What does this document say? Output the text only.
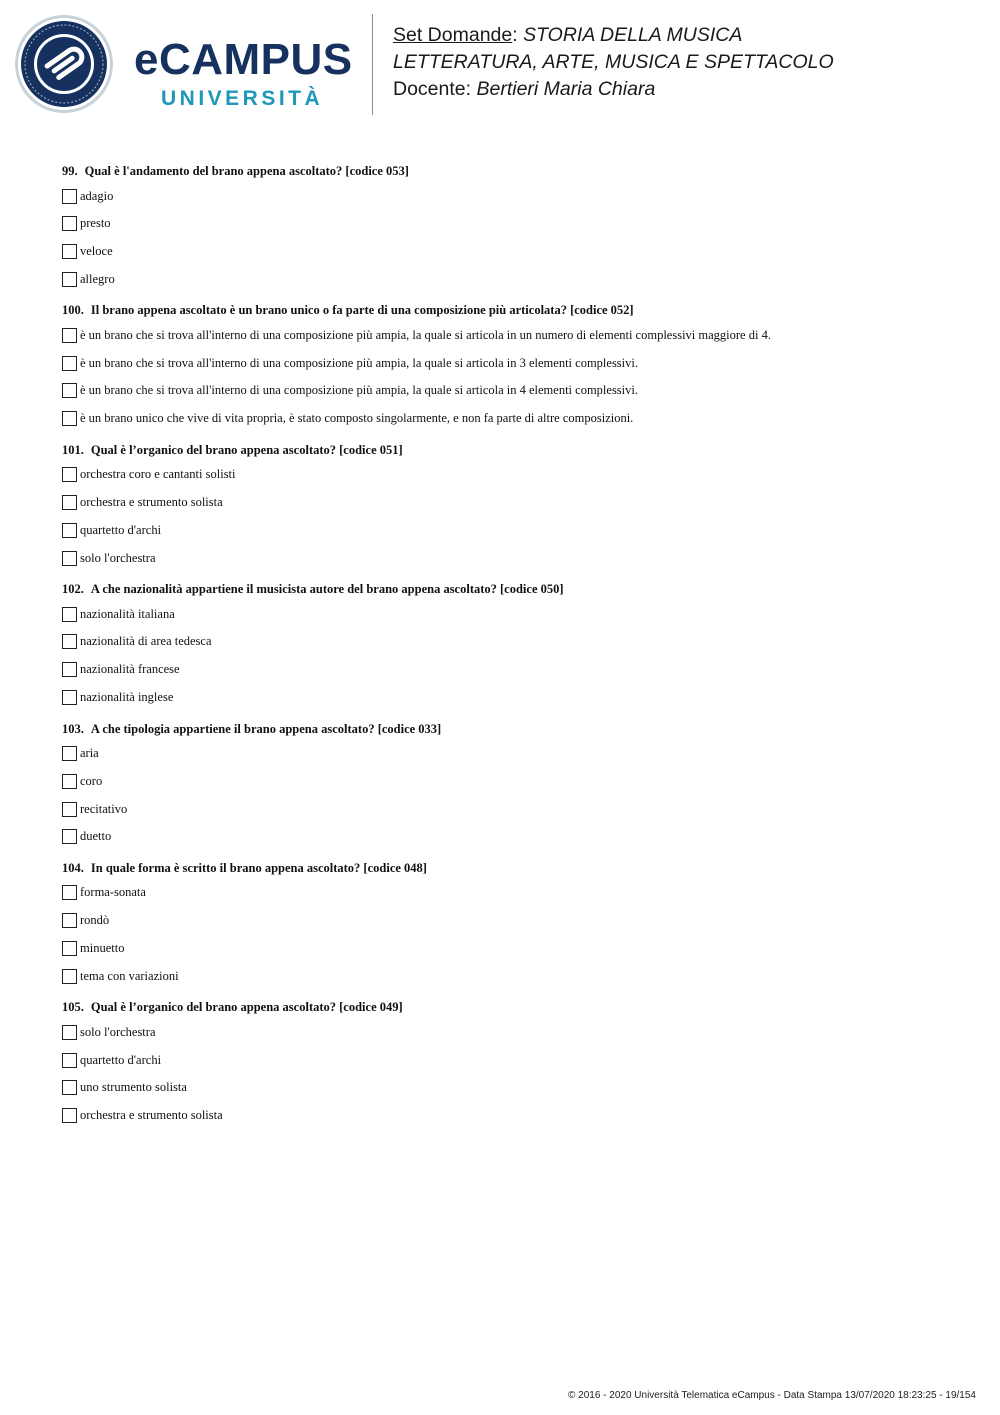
eCAMPUS
UNIVERSITÀ
Set Domande: STORIA DELLA MUSICA
LETTERATURA, ARTE, MUSICA E SPETTACOLO
Docente: Bertieri Maria Chiara
99. Qual è l'andamento del brano appena ascoltato? [codice 053]
adagio
presto
veloce
allegro
100. Il brano appena ascoltato è un brano unico o fa parte di una composizione più articolata? [codice 052]
è un brano che si trova all'interno di una composizione più ampia, la quale si articola in un numero di elementi complessivi maggiore di 4.
è un brano che si trova all'interno di una composizione più ampia, la quale si articola in 3 elementi complessivi.
è un brano che si trova all'interno di una composizione più ampia, la quale si articola in 4 elementi complessivi.
è un brano unico che vive di vita propria, è stato composto singolarmente, e non fa parte di altre composizioni.
101. Qual è l’organico del brano appena ascoltato? [codice 051]
orchestra coro e cantanti solisti
orchestra e strumento solista
quartetto d'archi
solo l'orchestra
102. A che nazionalità appartiene il musicista autore del brano appena ascoltato? [codice 050]
nazionalità italiana
nazionalità di area tedesca
nazionalità francese
nazionalità inglese
103. A che tipologia appartiene il brano appena ascoltato? [codice 033]
aria
coro
recitativo
duetto
104. In quale forma è scritto il brano appena ascoltato? [codice 048]
forma-sonata
rondò
minuetto
tema con variazioni
105. Qual è l’organico del brano appena ascoltato? [codice 049]
solo l'orchestra
quartetto d'archi
uno strumento solista
orchestra e strumento solista
© 2016 - 2020 Università Telematica eCampus - Data Stampa 13/07/2020 18:23:25 - 19/154
